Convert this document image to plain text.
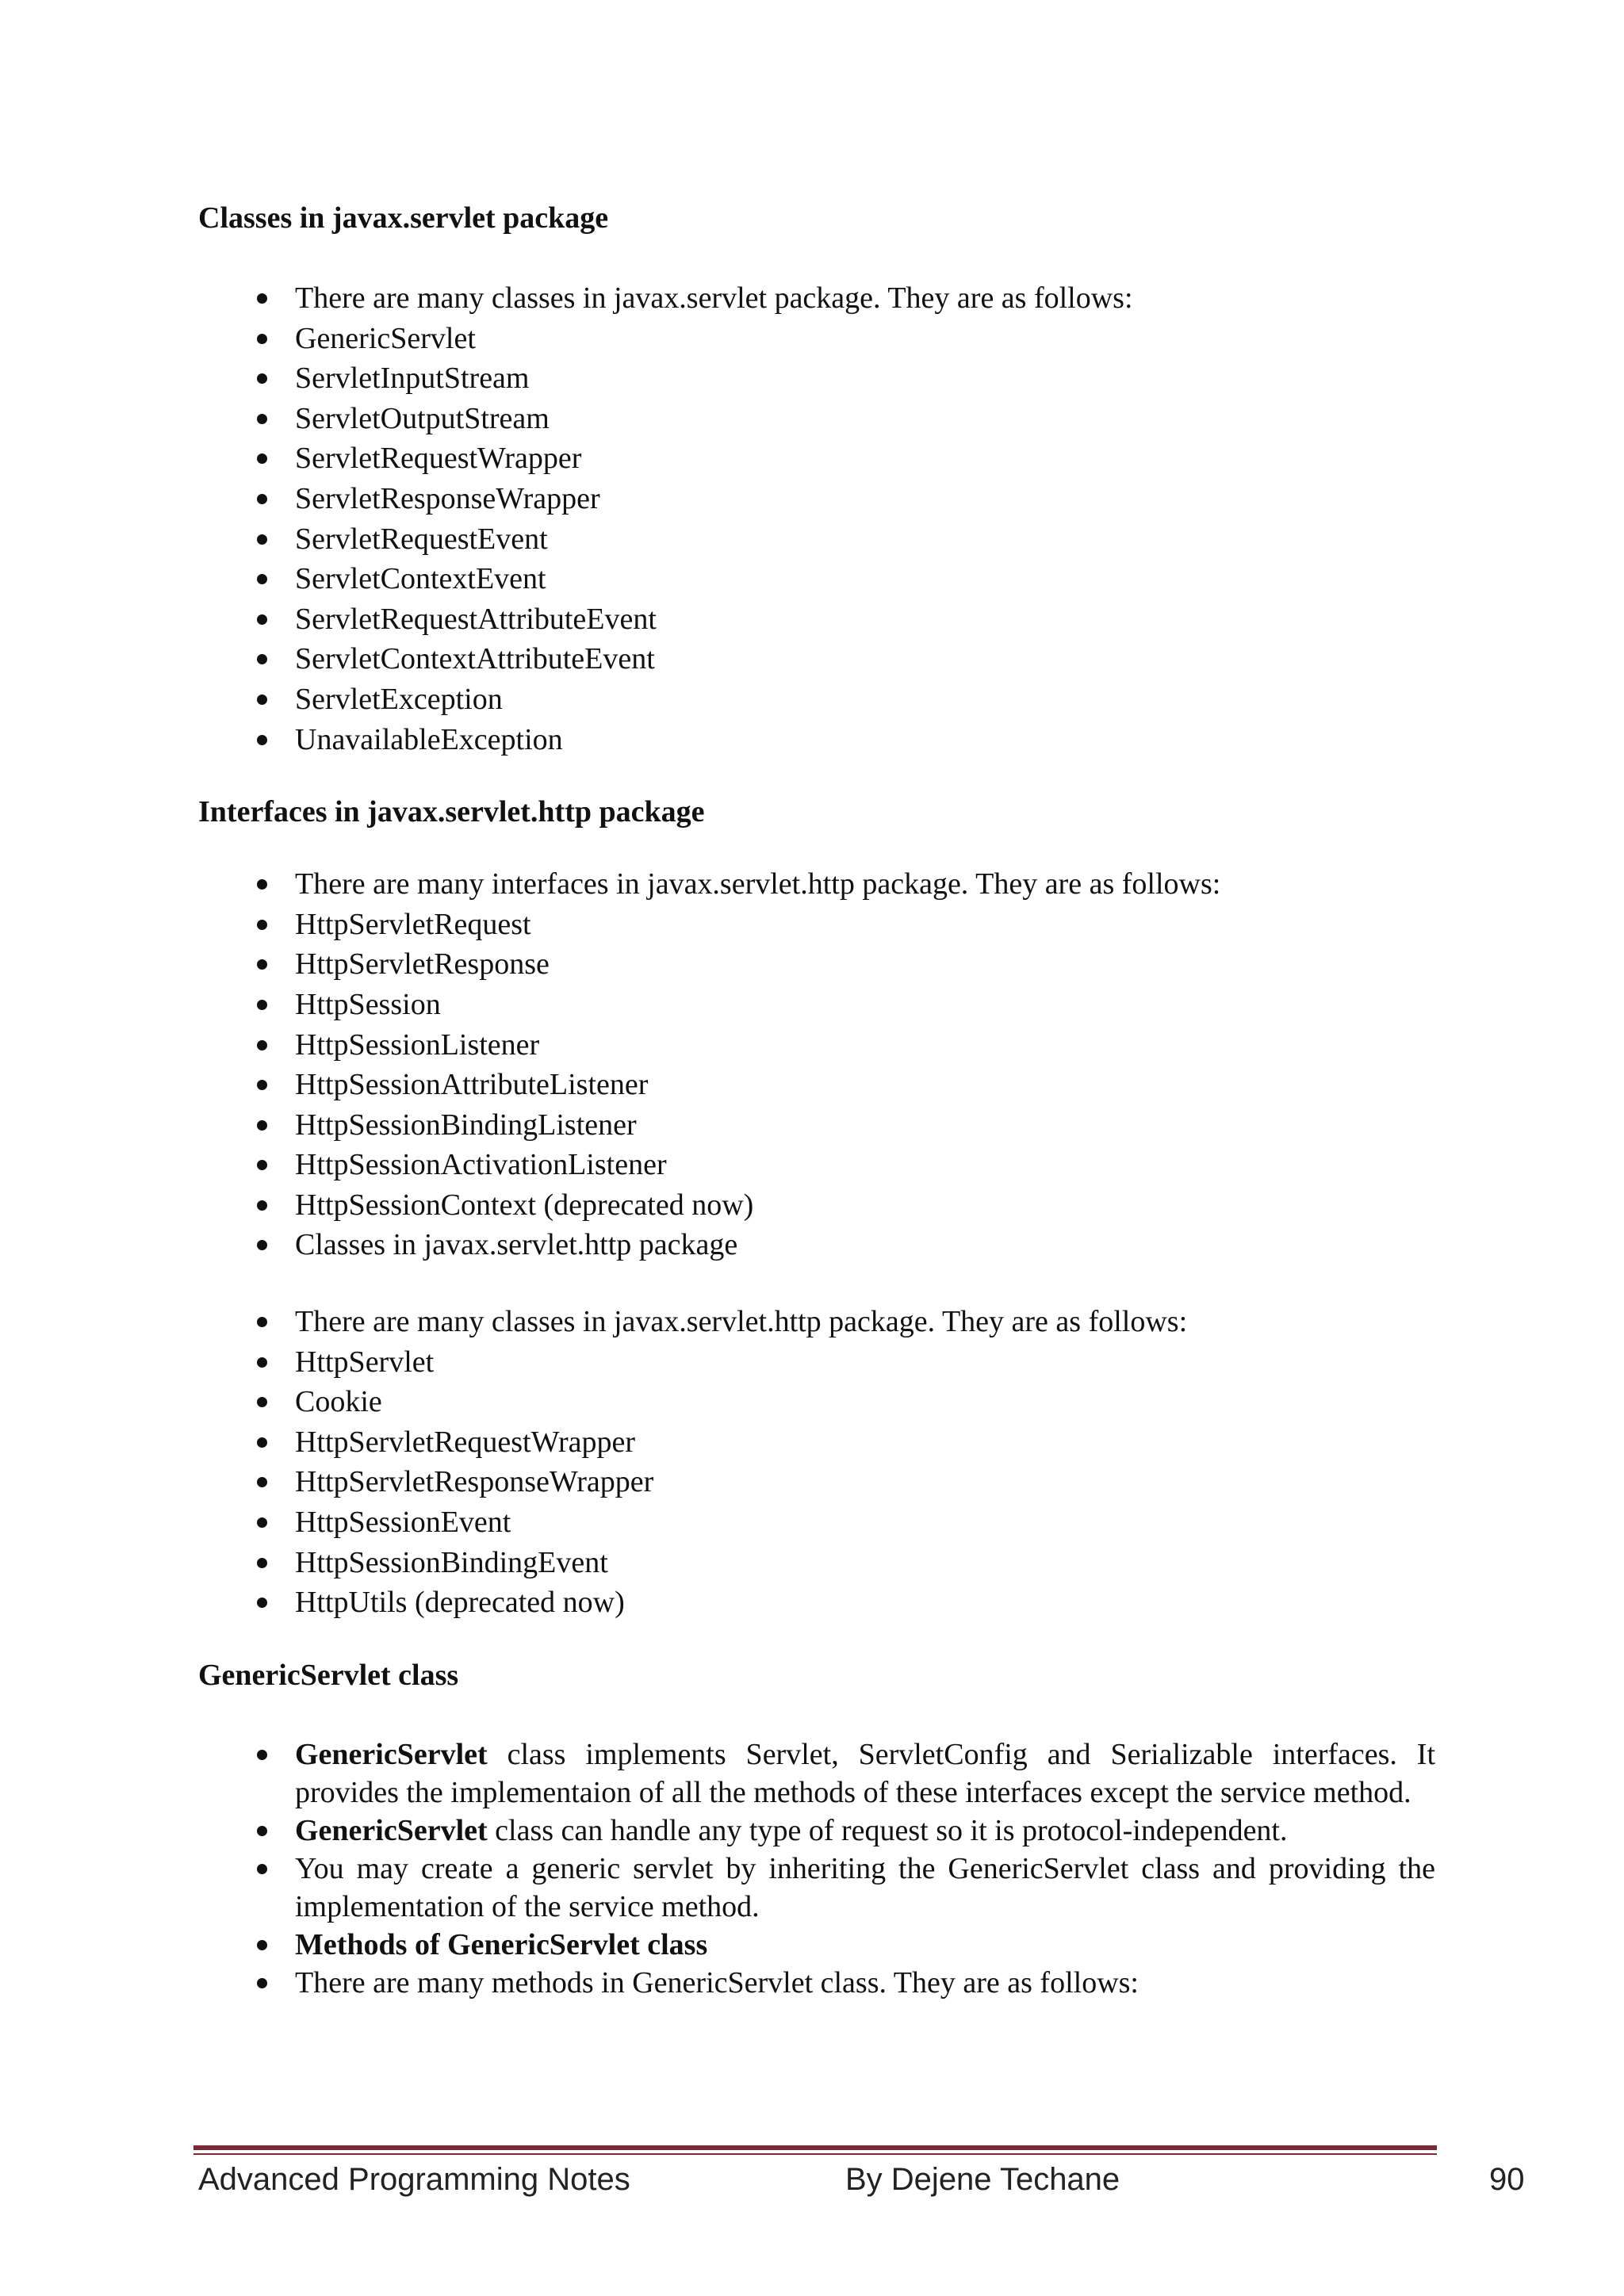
Classes in javax.servlet package
There are many classes in javax.servlet package. They are as follows:
GenericServlet
ServletInputStream
ServletOutputStream
ServletRequestWrapper
ServletResponseWrapper
ServletRequestEvent
ServletContextEvent
ServletRequestAttributeEvent
ServletContextAttributeEvent
ServletException
UnavailableException
Interfaces in javax.servlet.http package
There are many interfaces in javax.servlet.http package. They are as follows:
HttpServletRequest
HttpServletResponse
HttpSession
HttpSessionListener
HttpSessionAttributeListener
HttpSessionBindingListener
HttpSessionActivationListener
HttpSessionContext (deprecated now)
Classes in javax.servlet.http package
There are many classes in javax.servlet.http package. They are as follows:
HttpServlet
Cookie
HttpServletRequestWrapper
HttpServletResponseWrapper
HttpSessionEvent
HttpSessionBindingEvent
HttpUtils (deprecated now)
GenericServlet class
GenericServlet class implements Servlet, ServletConfig and Serializable interfaces. It provides the implementaion of all the methods of these interfaces except the service method.
GenericServlet class can handle any type of request so it is protocol-independent.
You may create a generic servlet by inheriting the GenericServlet class and providing the implementation of the service method.
Methods of GenericServlet class
There are many methods in GenericServlet class. They are as follows:
Advanced Programming Notes	By Dejene Techane	90
